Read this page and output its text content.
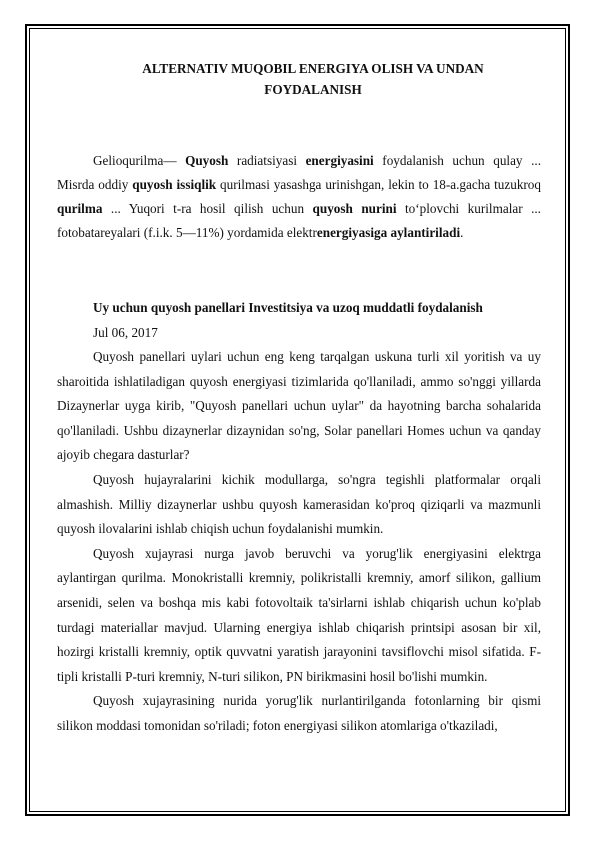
ALTERNATIV MUQOBIL ENERGIYA OLISH VA UNDAN
FOYDALANISH

Gelioqurilma— Quyosh radiatsiyasi energiyasini foydalanish uchun qulay ... Misrda oddiy quyosh issiqlik qurilmasi yasashga urinishgan, lekin to 18-a.gacha tuzukroq qurilma ... Yuqori t-ra hosil qilish uchun quyosh nurini to‘plovchi kurilmalar ... fotobatareyalari (f.i.k. 5—11%) yordamida elektrenergiyasiga aylantiriladi.

Uy uchun quyosh panellari Investitsiya va uzoq muddatli foydalanish

Jul 06, 2017

Quyosh panellari uylari uchun eng keng tarqalgan uskuna turli xil yoritish va uy sharoitida ishlatiladigan quyosh energiyasi tizimlarida qo'llaniladi, ammo so'nggi yillarda Dizaynerlar uyga kirib, "Quyosh panellari uchun uylar" da hayotning barcha sohalarida qo'llaniladi. Ushbu dizaynerlar dizaynidan so'ng, Solar panellari Homes uchun va qanday ajoyib chegara dasturlar?

Quyosh hujayralarini kichik modullarga, so'ngra tegishli platformalar orqali almashish. Milliy dizaynerlar ushbu quyosh kamerasidan ko'proq qiziqarli va mazmunli quyosh ilovalarini ishlab chiqish uchun foydalanishi mumkin.

Quyosh xujayrasi nurga javob beruvchi va yorug'lik energiyasini elektrga aylantirgan qurilma. Monokristalli kremniy, polikristalli kremniy, amorf silikon, gallium arsenidi, selen va boshqa mis kabi fotovoltaik ta'sirlarni ishlab chiqarish uchun ko'plab turdagi materiallar mavjud. Ularning energiya ishlab chiqarish printsipi asosan bir xil, hozirgi kristalli kremniy, optik quvvatni yaratish jarayonini tavsiflovchi misol sifatida. F-tipli kristalli P-turi kremniy, N-turi silikon, PN birikmasini hosil bo'lishi mumkin.

Quyosh xujayrasining nurida yorug'lik nurlantirilganda fotonlarning bir qismi silikon moddasi tomonidan so'riladi; foton energiyasi silikon atomlariga o'tkaziladi,
